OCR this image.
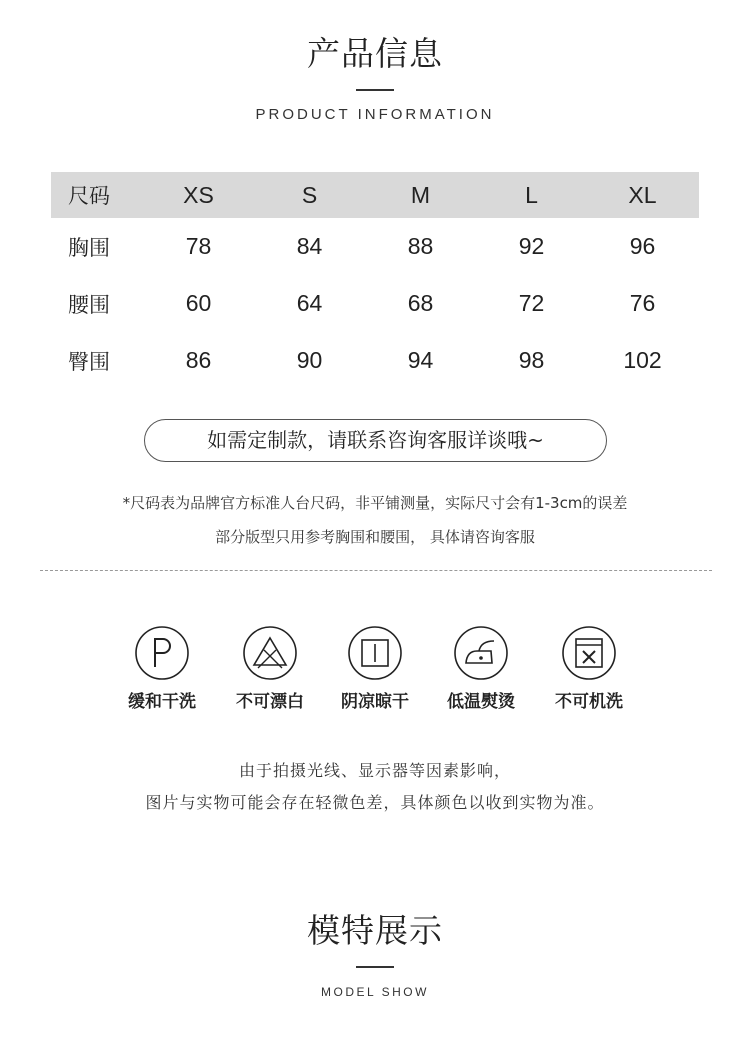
产品信息
PRODUCT INFORMATION
尺码	XS	S	M	L	XL
胸围	78	84	88	92	96
腰围	60	64	68	72	76
臀围	86	90	94	98	102
如需定制款，请联系咨询客服详谈哦~
*尺码表为品牌官方标准人台尺码，非平铺测量，实际尺寸会有1-3cm的误差
部分版型只用参考胸围和腰围， 具体请咨询客服
缓和干洗	不可漂白	阴凉晾干	低温熨烫	不可机洗
由于拍摄光线、显示器等因素影响，
图片与实物可能会存在轻微色差，具体颜色以收到实物为准。
模特展示
MODEL SHOW
